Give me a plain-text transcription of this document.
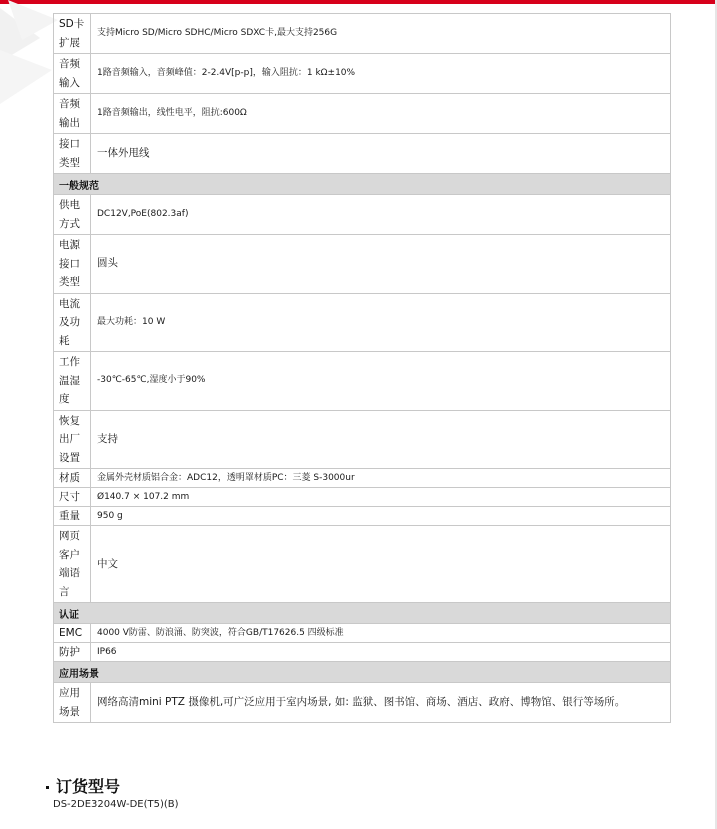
SD卡扩展	支持Micro SD/Micro SDHC/Micro SDXC卡,最大支持256G
音频输入	1路音频输入，音频峰值：2-2.4V[p-p]，输入阻抗：1 kΩ±10%
音频输出	1路音频输出，线性电平，阻抗:600Ω
接口类型	一体外甩线
一般规范	
供电方式	DC12V,PoE(802.3af)
电源接口类型	圆头
电流及功耗	最大功耗：10 W
工作温湿度	-30℃-65℃,湿度小于90%
恢复出厂设置	支持
材质	金属外壳材质铝合金：ADC12，透明罩材质PC：三菱 S-3000ur
尺寸	Ø140.7 × 107.2 mm
重量	950 g
网页客户端语言	中文
认证	
EMC	4000 V防雷、防浪涌、防突波，符合GB/T17626.5 四级标准
防护	IP66
应用场景	
应用场景	网络高清mini PTZ 摄像机,可广泛应用于室内场景, 如: 监狱、图书馆、商场、酒店、政府、博物馆、银行等场所。
订货型号
DS-2DE3204W-DE(T5)(B)
